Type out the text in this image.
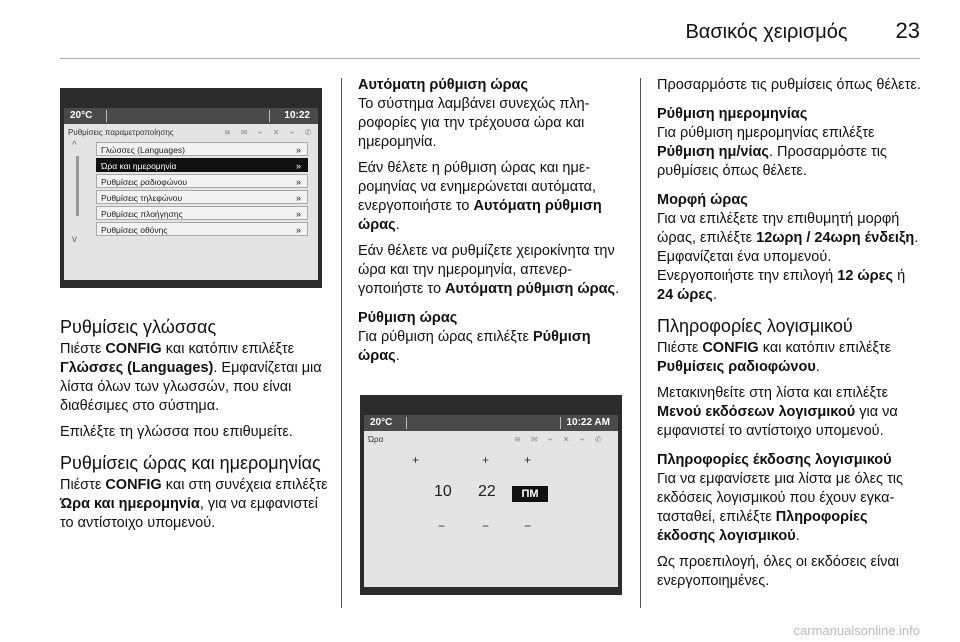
Βασικός χειρισμός 23
20°C	10:22
Ρυθμίσεις παραμετροποίησης	≋ ✉ ⌁ ✕ ⌁ ✆
^
v
Γλώσσες (Languages)	»
Ώρα και ημερομηνία	»
Ρυθμίσεις ραδιοφώνου	»
Ρυθμίσεις τηλεφώνου	»
Ρυθμίσεις πλοήγησης	»
Ρυθμίσεις οθόνης	»
Ρυθμίσεις γλώσσας

Πιέστε CONFIG και κατόπιν επιλέξτε Γλώσσες (Languages). Εμφανίζεται μια λίστα όλων των γλωσσών, που είναι διαθέσιμες στο σύστημα.

Επιλέξτε τη γλώσσα που επιθυμείτε.

Ρυθμίσεις ώρας και ημερομηνίας

Πιέστε CONFIG και στη συνέχεια επιλέξτε Ώρα και ημερομηνία, για να εμφανιστεί το αντίστοιχο υπομενού.

Αυτόματη ρύθμιση ώρας

Το σύστημα λαμβάνει συνεχώς πληροφορίες για την τρέχουσα ώρα και ημερομηνία.

Εάν θέλετε η ρύθμιση ώρας και ημερομηνίας να ενημερώνεται αυτόματα, ενεργοποιήστε το Αυτόματη ρύθμιση ώρας.

Εάν θέλετε να ρυθμίζετε χειροκίνητα την ώρα και την ημερομηνία, απενεργοποιήστε το Αυτόματη ρύθμιση ώρας.

Ρύθμιση ώρας

Για ρύθμιση ώρας επιλέξτε Ρύθμιση ώρας.

20°C	10:22 AM
Ώρα	≋ ✉ ⌁ ✕ ⌁ ✆
+	+	+
10 22	ΠΜ
−	−	−

Προσαρμόστε τις ρυθμίσεις όπως θέλετε.

Ρύθμιση ημερομηνίας

Για ρύθμιση ημερομηνίας επιλέξτε Ρύθμιση ημ/νίας. Προσαρμόστε τις ρυθμίσεις όπως θέλετε.

Μορφή ώρας

Για να επιλέξετε την επιθυμητή μορφή ώρας, επιλέξτε 12ωρη / 24ωρη ένδειξη. Εμφανίζεται ένα υπομενού. Ενεργοποιήστε την επιλογή 12 ώρες ή 24 ώρες.

Πληροφορίες λογισμικού

Πιέστε CONFIG και κατόπιν επιλέξτε Ρυθμίσεις ραδιοφώνου.

Μετακινηθείτε στη λίστα και επιλέξτε Μενού εκδόσεων λογισμικού για να εμφανιστεί το αντίστοιχο υπομενού.

Πληροφορίες έκδοσης λογισμικού

Για να εμφανίσετε μια λίστα με όλες τις εκδόσεις λογισμικού που έχουν εγκατασταθεί, επιλέξτε Πληροφορίες έκδοσης λογισμικού.

Ως προεπιλογή, όλες οι εκδόσεις είναι ενεργοποιημένες.

carmanualsonline.info
